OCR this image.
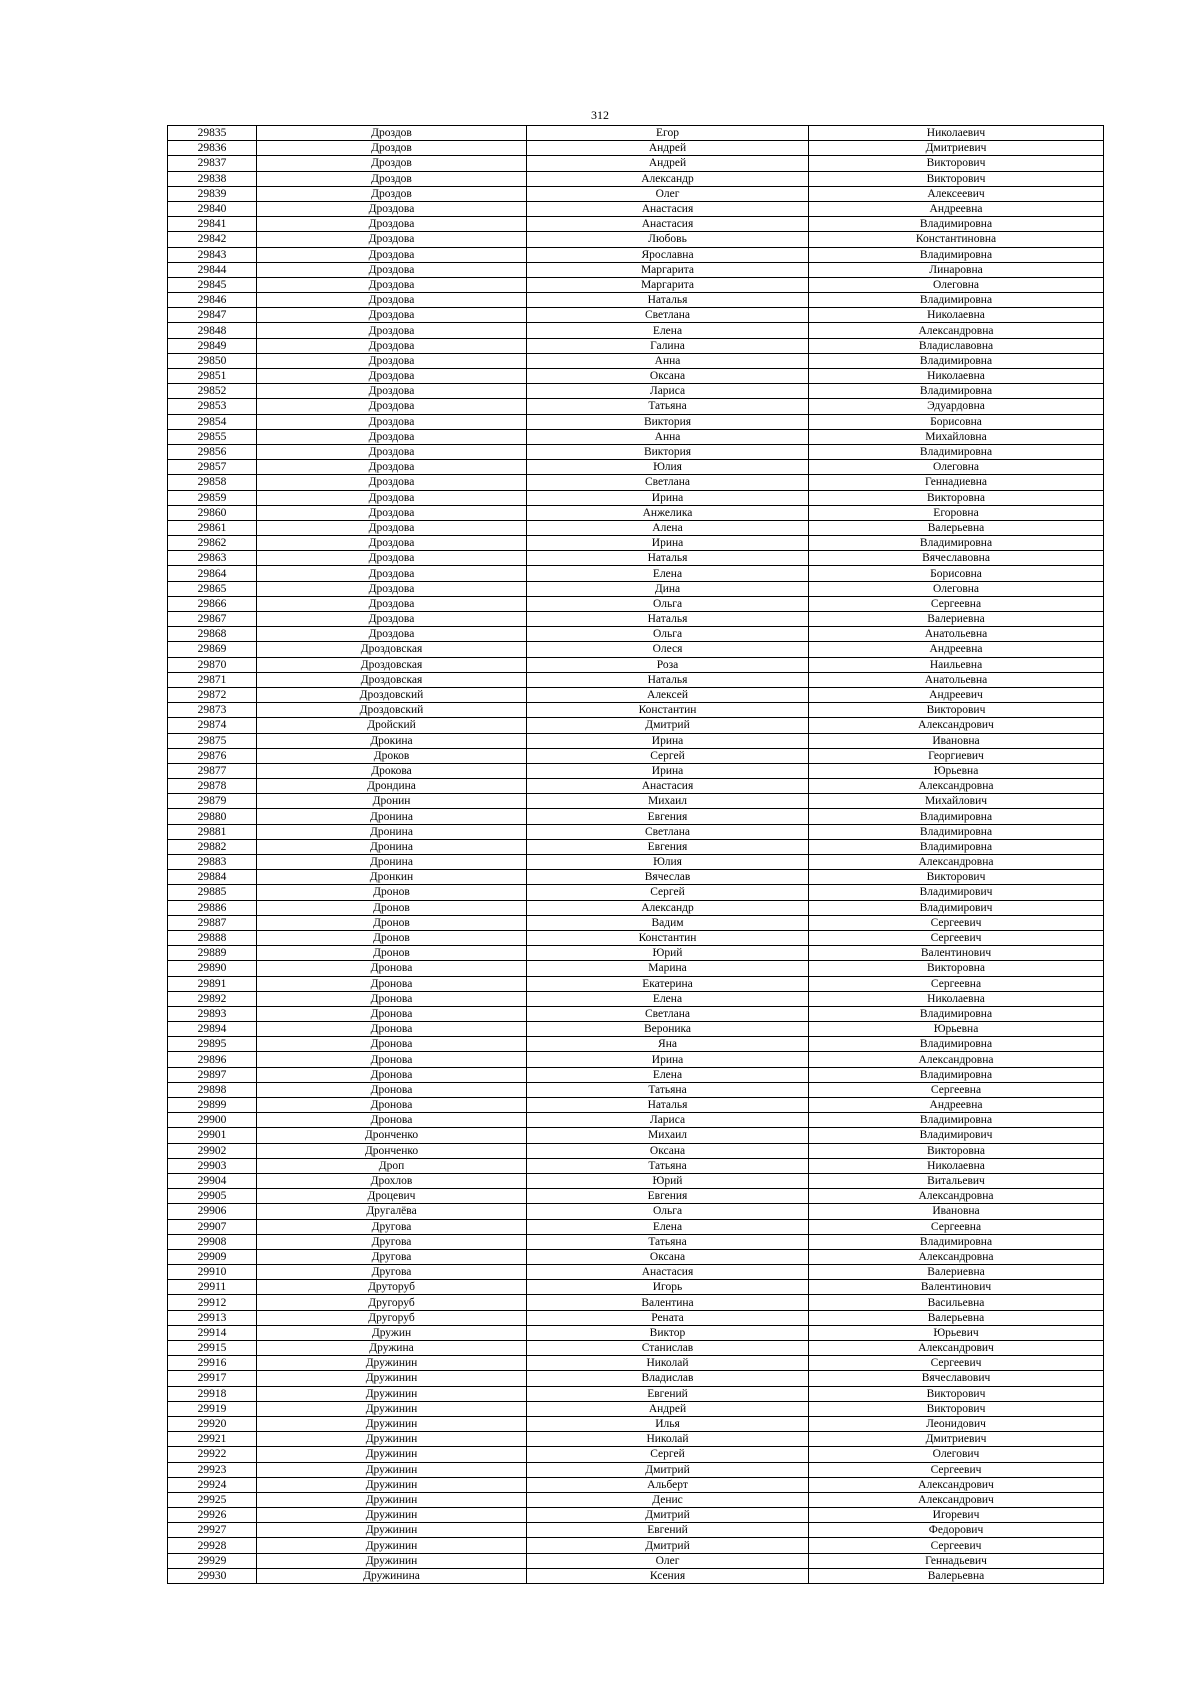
312
29835	Дроздов	Егор	Николаевич
29836	Дроздов	Андрей	Дмитриевич
29837	Дроздов	Андрей	Викторович
29838	Дроздов	Александр	Викторович
29839	Дроздов	Олег	Алексеевич
29840	Дроздова	Анастасия	Андреевна
29841	Дроздова	Анастасия	Владимировна
29842	Дроздова	Любовь	Константиновна
29843	Дроздова	Ярославна	Владимировна
29844	Дроздова	Маргарита	Линаровна
29845	Дроздова	Маргарита	Олеговна
29846	Дроздова	Наталья	Владимировна
29847	Дроздова	Светлана	Николаевна
29848	Дроздова	Елена	Александровна
29849	Дроздова	Галина	Владиславовна
29850	Дроздова	Анна	Владимировна
29851	Дроздова	Оксана	Николаевна
29852	Дроздова	Лариса	Владимировна
29853	Дроздова	Татьяна	Эдуардовна
29854	Дроздова	Виктория	Борисовна
29855	Дроздова	Анна	Михайловна
29856	Дроздова	Виктория	Владимировна
29857	Дроздова	Юлия	Олеговна
29858	Дроздова	Светлана	Геннадиевна
29859	Дроздова	Ирина	Викторовна
29860	Дроздова	Анжелика	Егоровна
29861	Дроздова	Алена	Валерьевна
29862	Дроздова	Ирина	Владимировна
29863	Дроздова	Наталья	Вячеславовна
29864	Дроздова	Елена	Борисовна
29865	Дроздова	Дина	Олеговна
29866	Дроздова	Ольга	Сергеевна
29867	Дроздова	Наталья	Валериевна
29868	Дроздова	Ольга	Анатольевна
29869	Дроздовская	Олеся	Андреевна
29870	Дроздовская	Роза	Наильевна
29871	Дроздовская	Наталья	Анатольевна
29872	Дроздовский	Алексей	Андреевич
29873	Дроздовский	Константин	Викторович
29874	Дройский	Дмитрий	Александрович
29875	Дрокина	Ирина	Ивановна
29876	Дроков	Сергей	Георгиевич
29877	Дрокова	Ирина	Юрьевна
29878	Дрондина	Анастасия	Александровна
29879	Дронин	Михаил	Михайлович
29880	Дронина	Евгения	Владимировна
29881	Дронина	Светлана	Владимировна
29882	Дронина	Евгения	Владимировна
29883	Дронина	Юлия	Александровна
29884	Дронкин	Вячеслав	Викторович
29885	Дронов	Сергей	Владимирович
29886	Дронов	Александр	Владимирович
29887	Дронов	Вадим	Сергеевич
29888	Дронов	Константин	Сергеевич
29889	Дронов	Юрий	Валентинович
29890	Дронова	Марина	Викторовна
29891	Дронова	Екатерина	Сергеевна
29892	Дронова	Елена	Николаевна
29893	Дронова	Светлана	Владимировна
29894	Дронова	Вероника	Юрьевна
29895	Дронова	Яна	Владимировна
29896	Дронова	Ирина	Александровна
29897	Дронова	Елена	Владимировна
29898	Дронова	Татьяна	Сергеевна
29899	Дронова	Наталья	Андреевна
29900	Дронова	Лариса	Владимировна
29901	Дронченко	Михаил	Владимирович
29902	Дронченко	Оксана	Викторовна
29903	Дроп	Татьяна	Николаевна
29904	Дрохлов	Юрий	Витальевич
29905	Дроцевич	Евгения	Александровна
29906	Другалёва	Ольга	Ивановна
29907	Другова	Елена	Сергеевна
29908	Другова	Татьяна	Владимировна
29909	Другова	Оксана	Александровна
29910	Другова	Анастасия	Валериевна
29911	Друторуб	Игорь	Валентинович
29912	Другоруб	Валентина	Васильевна
29913	Другоруб	Рената	Валерьевна
29914	Дружин	Виктор	Юрьевич
29915	Дружина	Станислав	Александрович
29916	Дружинин	Николай	Сергеевич
29917	Дружинин	Владислав	Вячеславович
29918	Дружинин	Евгений	Викторович
29919	Дружинин	Андрей	Викторович
29920	Дружинин	Илья	Леонидович
29921	Дружинин	Николай	Дмитриевич
29922	Дружинин	Сергей	Олегович
29923	Дружинин	Дмитрий	Сергеевич
29924	Дружинин	Альберт	Александрович
29925	Дружинин	Денис	Александрович
29926	Дружинин	Дмитрий	Игоревич
29927	Дружинин	Евгений	Федорович
29928	Дружинин	Дмитрий	Сергеевич
29929	Дружинин	Олег	Геннадьевич
29930	Дружинина	Ксения	Валерьевна
